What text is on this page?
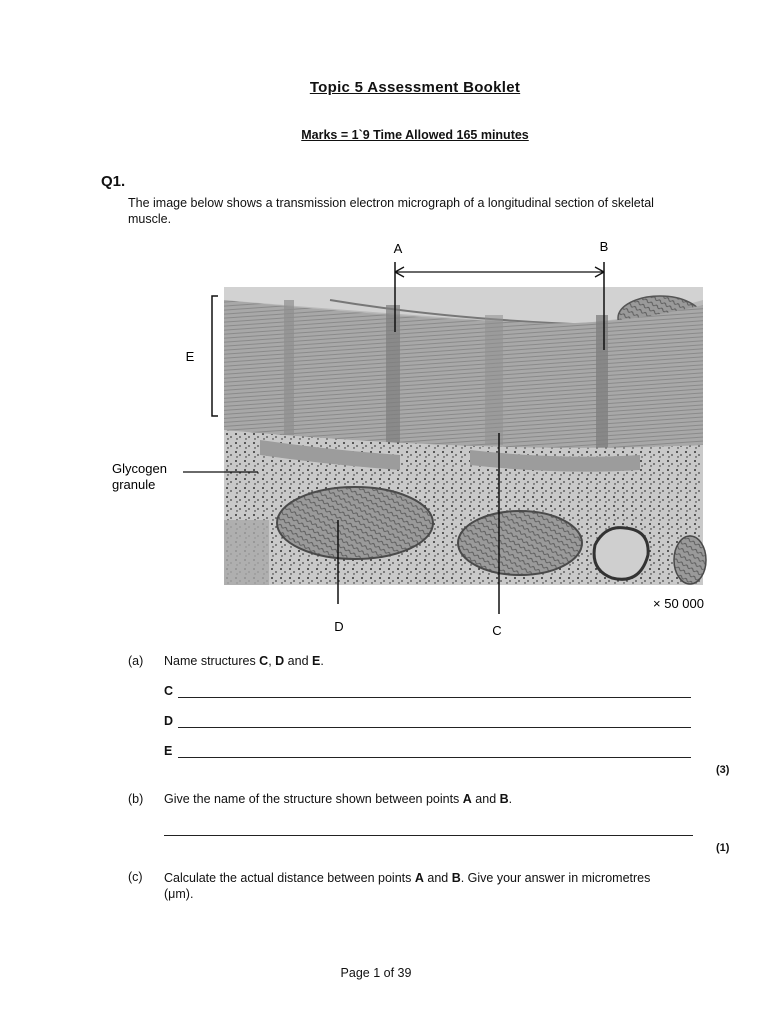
Topic 5 Assessment Booklet
Marks = 1`9 Time Allowed 165 minutes
Q1.
The image below shows a transmission electron micrograph of a longitudinal section of skeletal muscle.
A	B
E
Glycogen
granule
D	C
× 50 000
(a) Name structures C, D and E.
C
D
E
(3)
(b) Give the name of the structure shown between points A and B.
(1)
(c) Calculate the actual distance between points A and B. Give your answer in micrometres (μm).
Page 1 of 39
